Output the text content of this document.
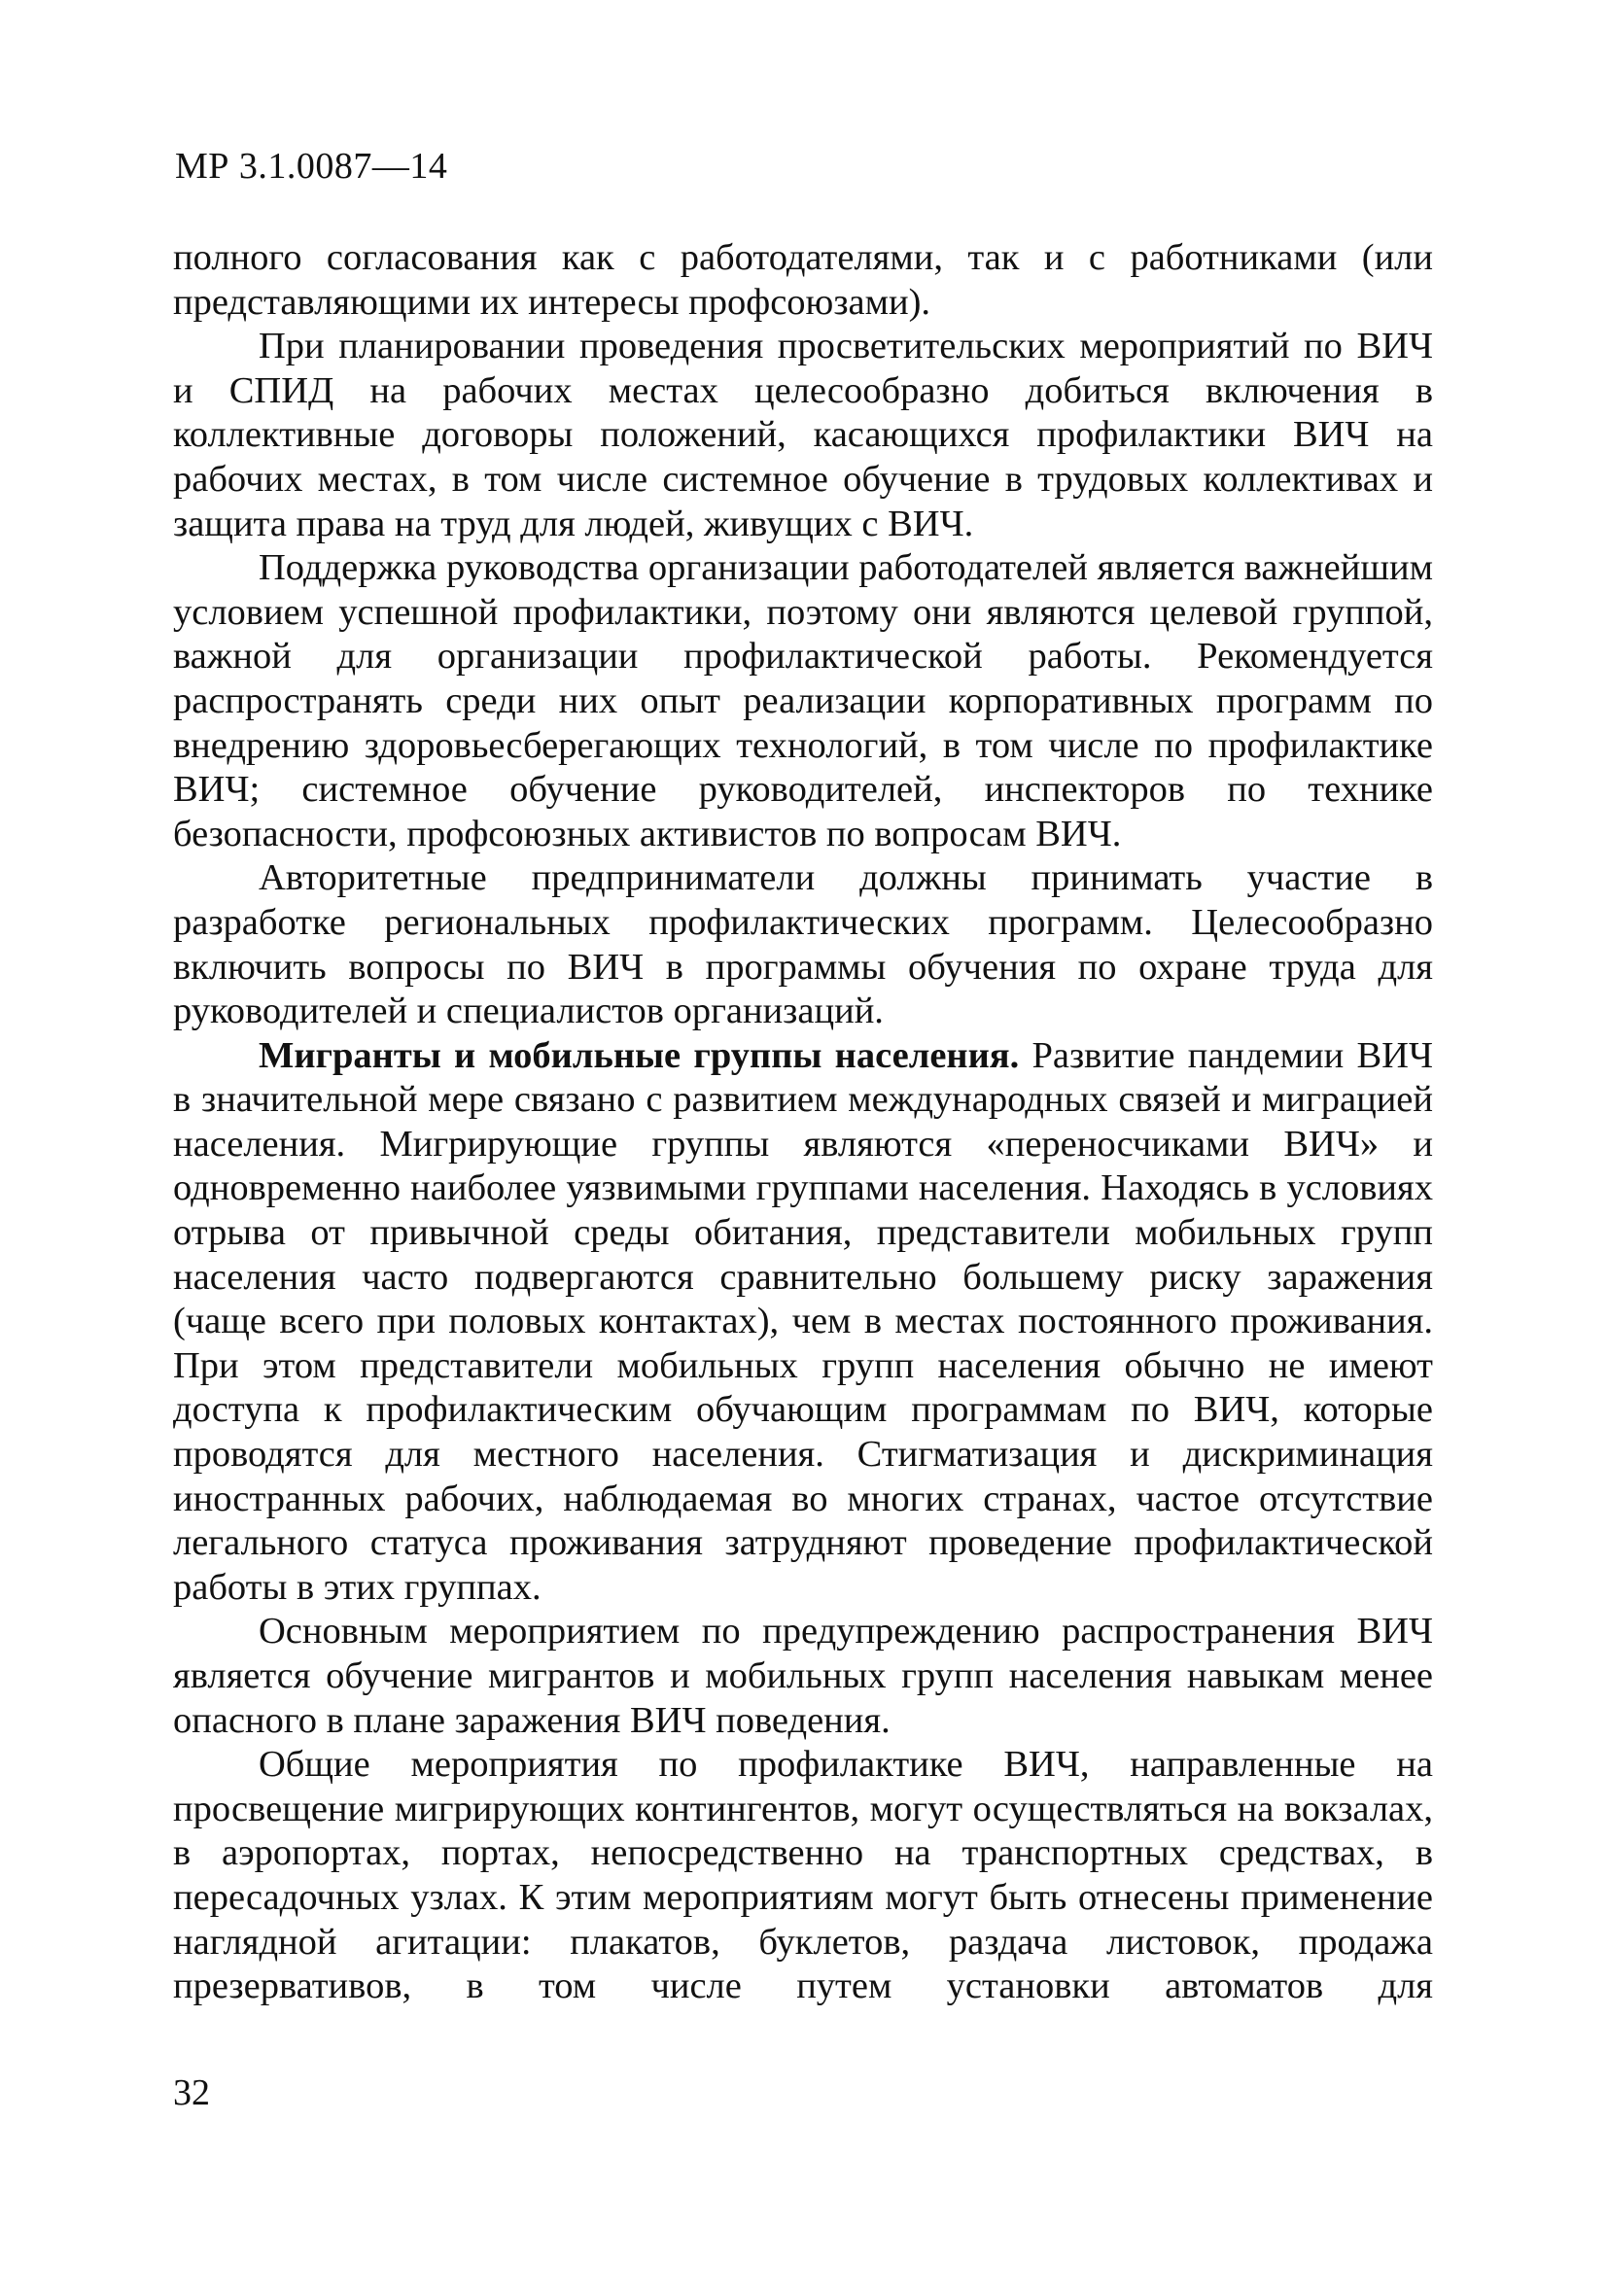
МР 3.1.0087—14

полного согласования как с работодателями, так и с работниками (или представляющими их интересы профсоюзами).

При планировании проведения просветительских мероприятий по ВИЧ и СПИД на рабочих местах целесообразно добиться включения в коллективные договоры положений, касающихся профилактики ВИЧ на рабочих местах, в том числе системное обучение в трудовых коллективах и защита права на труд для людей, живущих с ВИЧ.

Поддержка руководства организации работодателей является важнейшим условием успешной профилактики, поэтому они являются целевой группой, важной для организации профилактической работы. Рекомендуется распространять среди них опыт реализации корпоративных программ по внедрению здоровьесберегающих технологий, в том числе по профилактике ВИЧ; системное обучение руководителей, инспекторов по технике безопасности, профсоюзных активистов по вопросам ВИЧ.

Авторитетные предприниматели должны принимать участие в разработке региональных профилактических программ. Целесообразно включить вопросы по ВИЧ в программы обучения по охране труда для руководителей и специалистов организаций.

Мигранты и мобильные группы населения. Развитие пандемии ВИЧ в значительной мере связано с развитием международных связей и миграцией населения. Мигрирующие группы являются «переносчиками ВИЧ» и одновременно наиболее уязвимыми группами населения. Находясь в условиях отрыва от привычной среды обитания, представители мобильных групп населения часто подвергаются сравнительно большему риску заражения (чаще всего при половых контактах), чем в местах постоянного проживания. При этом представители мобильных групп населения обычно не имеют доступа к профилактическим обучающим программам по ВИЧ, которые проводятся для местного населения. Стигматизация и дискриминация иностранных рабочих, наблюдаемая во многих странах, частое отсутствие легального статуса проживания затрудняют проведение профилактической работы в этих группах.

Основным мероприятием по предупреждению распространения ВИЧ является обучение мигрантов и мобильных групп населения навыкам менее опасного в плане заражения ВИЧ поведения.

Общие мероприятия по профилактике ВИЧ, направленные на просвещение мигрирующих контингентов, могут осуществляться на вокзалах, в аэропортах, портах, непосредственно на транспортных средствах, в пересадочных узлах. К этим мероприятиям могут быть отнесены применение наглядной агитации: плакатов, буклетов, раздача листовок, продажа презервативов, в том числе путем установки автоматов для

32
